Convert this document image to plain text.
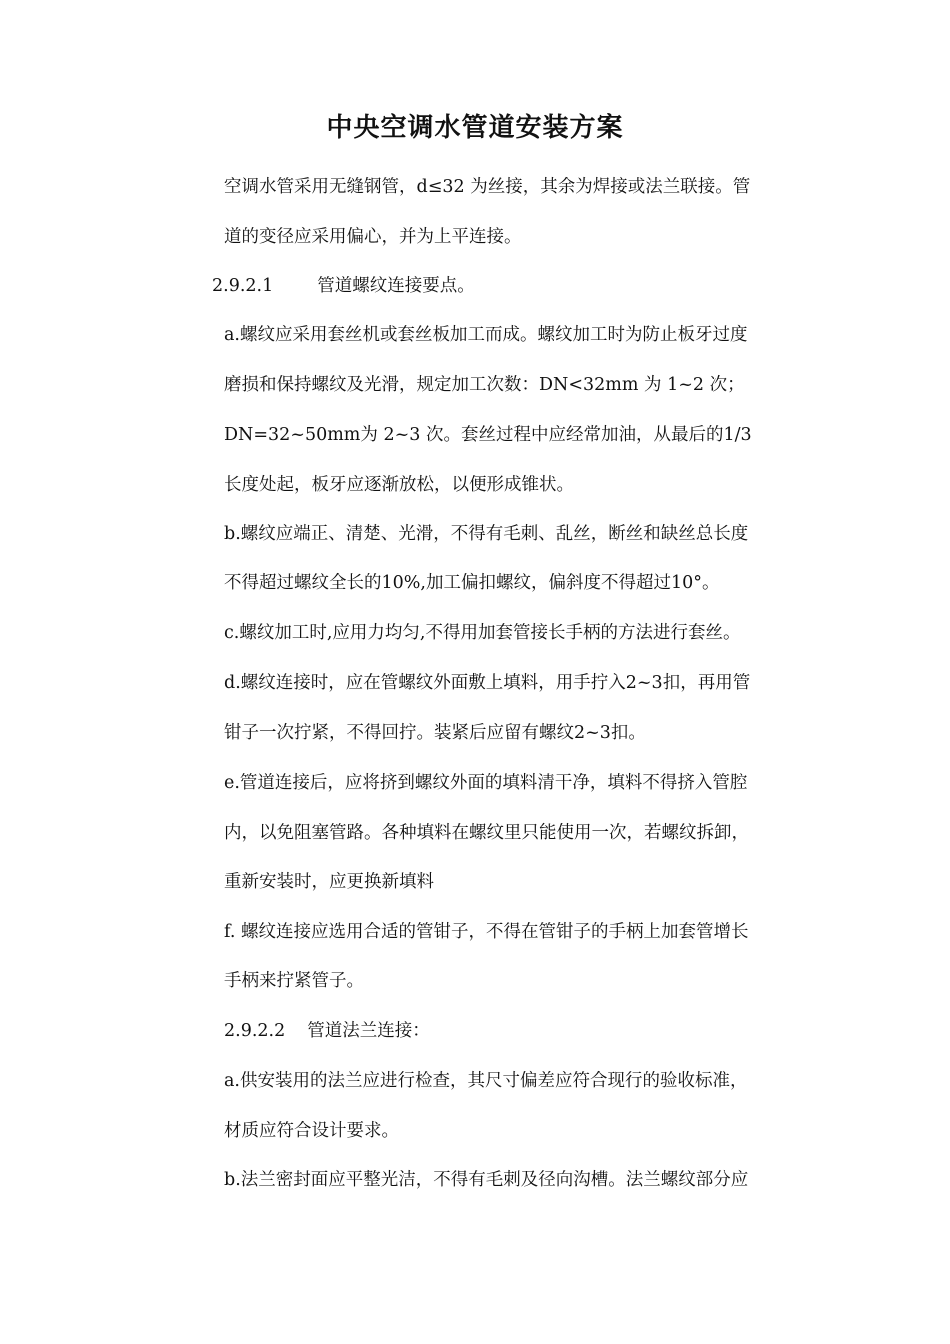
中央空调水管道安装方案

空调水管采用无缝钢管，d≤32 为丝接，其余为焊接或法兰联接。管

道的变径应采用偏心，并为上平连接。

2.9.2.1	管道螺纹连接要点。

a.螺纹应采用套丝机或套丝板加工而成。螺纹加工时为防止板牙过度

磨损和保持螺纹及光滑，规定加工次数：DN<32mm 为 1~2 次；

DN=32~50mm为 2~3 次。套丝过程中应经常加油，从最后的1/3

长度处起，板牙应逐渐放松，以便形成锥状。

b.螺纹应端正、清楚、光滑，不得有毛刺、乱丝，断丝和缺丝总长度

不得超过螺纹全长的10%,加工偏扣螺纹，偏斜度不得超过10°。

c.螺纹加工时,应用力均匀,不得用加套管接长手柄的方法进行套丝。

d.螺纹连接时，应在管螺纹外面敷上填料，用手拧入2~3扣，再用管

钳子一次拧紧，不得回拧。装紧后应留有螺纹2~3扣。

e.管道连接后，应将挤到螺纹外面的填料清干净，填料不得挤入管腔

内，以免阻塞管路。各种填料在螺纹里只能使用一次，若螺纹拆卸，

重新安装时，应更换新填料

f. 螺纹连接应选用合适的管钳子，不得在管钳子的手柄上加套管增长

手柄来拧紧管子。

2.9.2.2 管道法兰连接：

a.供安装用的法兰应进行检查，其尺寸偏差应符合现行的验收标准，

材质应符合设计要求。

b.法兰密封面应平整光洁，不得有毛刺及径向沟槽。法兰螺纹部分应
